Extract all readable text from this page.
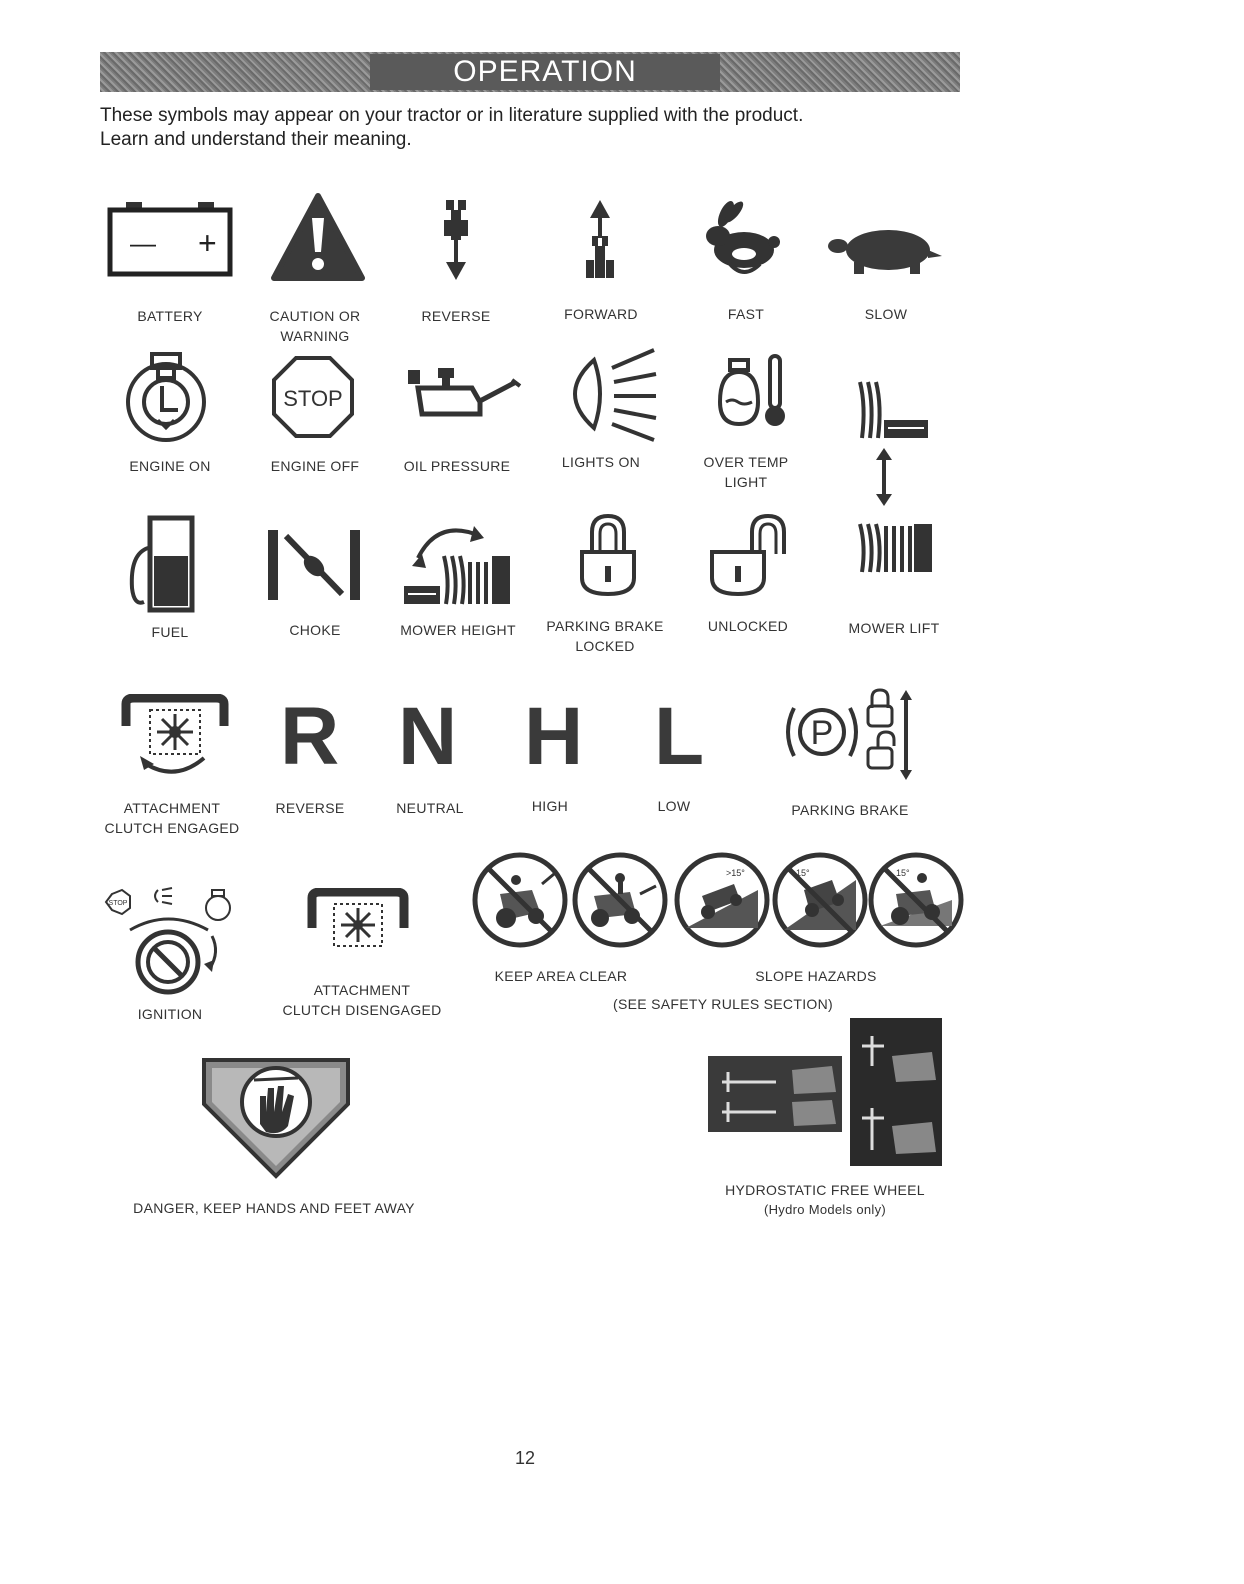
OPERATION
These symbols may appear on your tractor or in literature supplied with the product.
Learn and understand their meaning.
— +
BATTERY	CAUTION OR
WARNING
REVERSE	FORWARD	FAST	SLOW
ENGINE ON
STOP
ENGINE OFF	OIL PRESSURE	LIGHTS ON	OVER TEMP
LIGHT
FUEL	CHOKE	MOWER HEIGHT	PARKING BRAKE
LOCKED
UNLOCKED	MOWER LIFT
ATTACHMENT
CLUTCH ENGAGED
R
REVERSE
N
NEUTRAL
H
HIGH
L
LOW
P
PARKING BRAKE
STOP
IGNITION
ATTACHMENT
CLUTCH DISENGAGED
>15°	15°	15°
KEEP AREA CLEAR	SLOPE HAZARDS
(SEE SAFETY RULES SECTION)
DANGER, KEEP HANDS AND FEET AWAY
HYDROSTATIC FREE WHEEL
(Hydro Models only)
12
